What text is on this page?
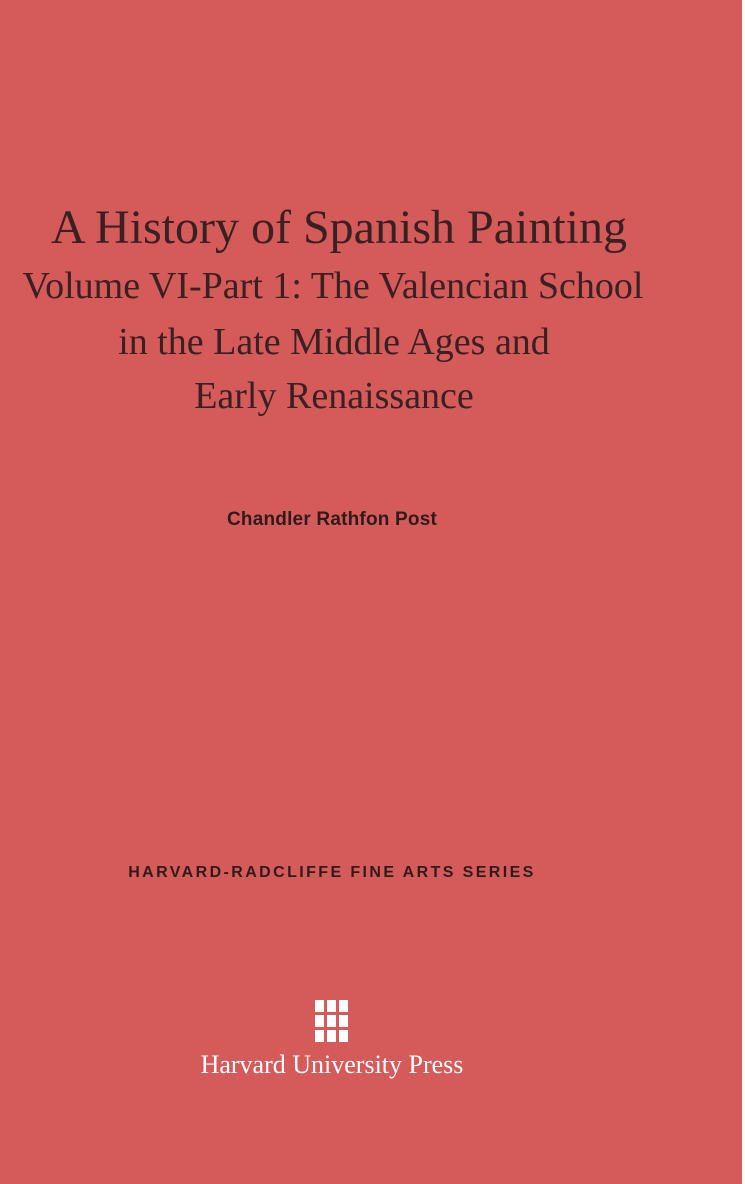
A History of Spanish Painting
Volume VI-Part 1: The Valencian School
in the Late Middle Ages and
Early Renaissance
Chandler Rathfon Post
HARVARD-RADCLIFFE FINE ARTS SERIES
Harvard University Press
